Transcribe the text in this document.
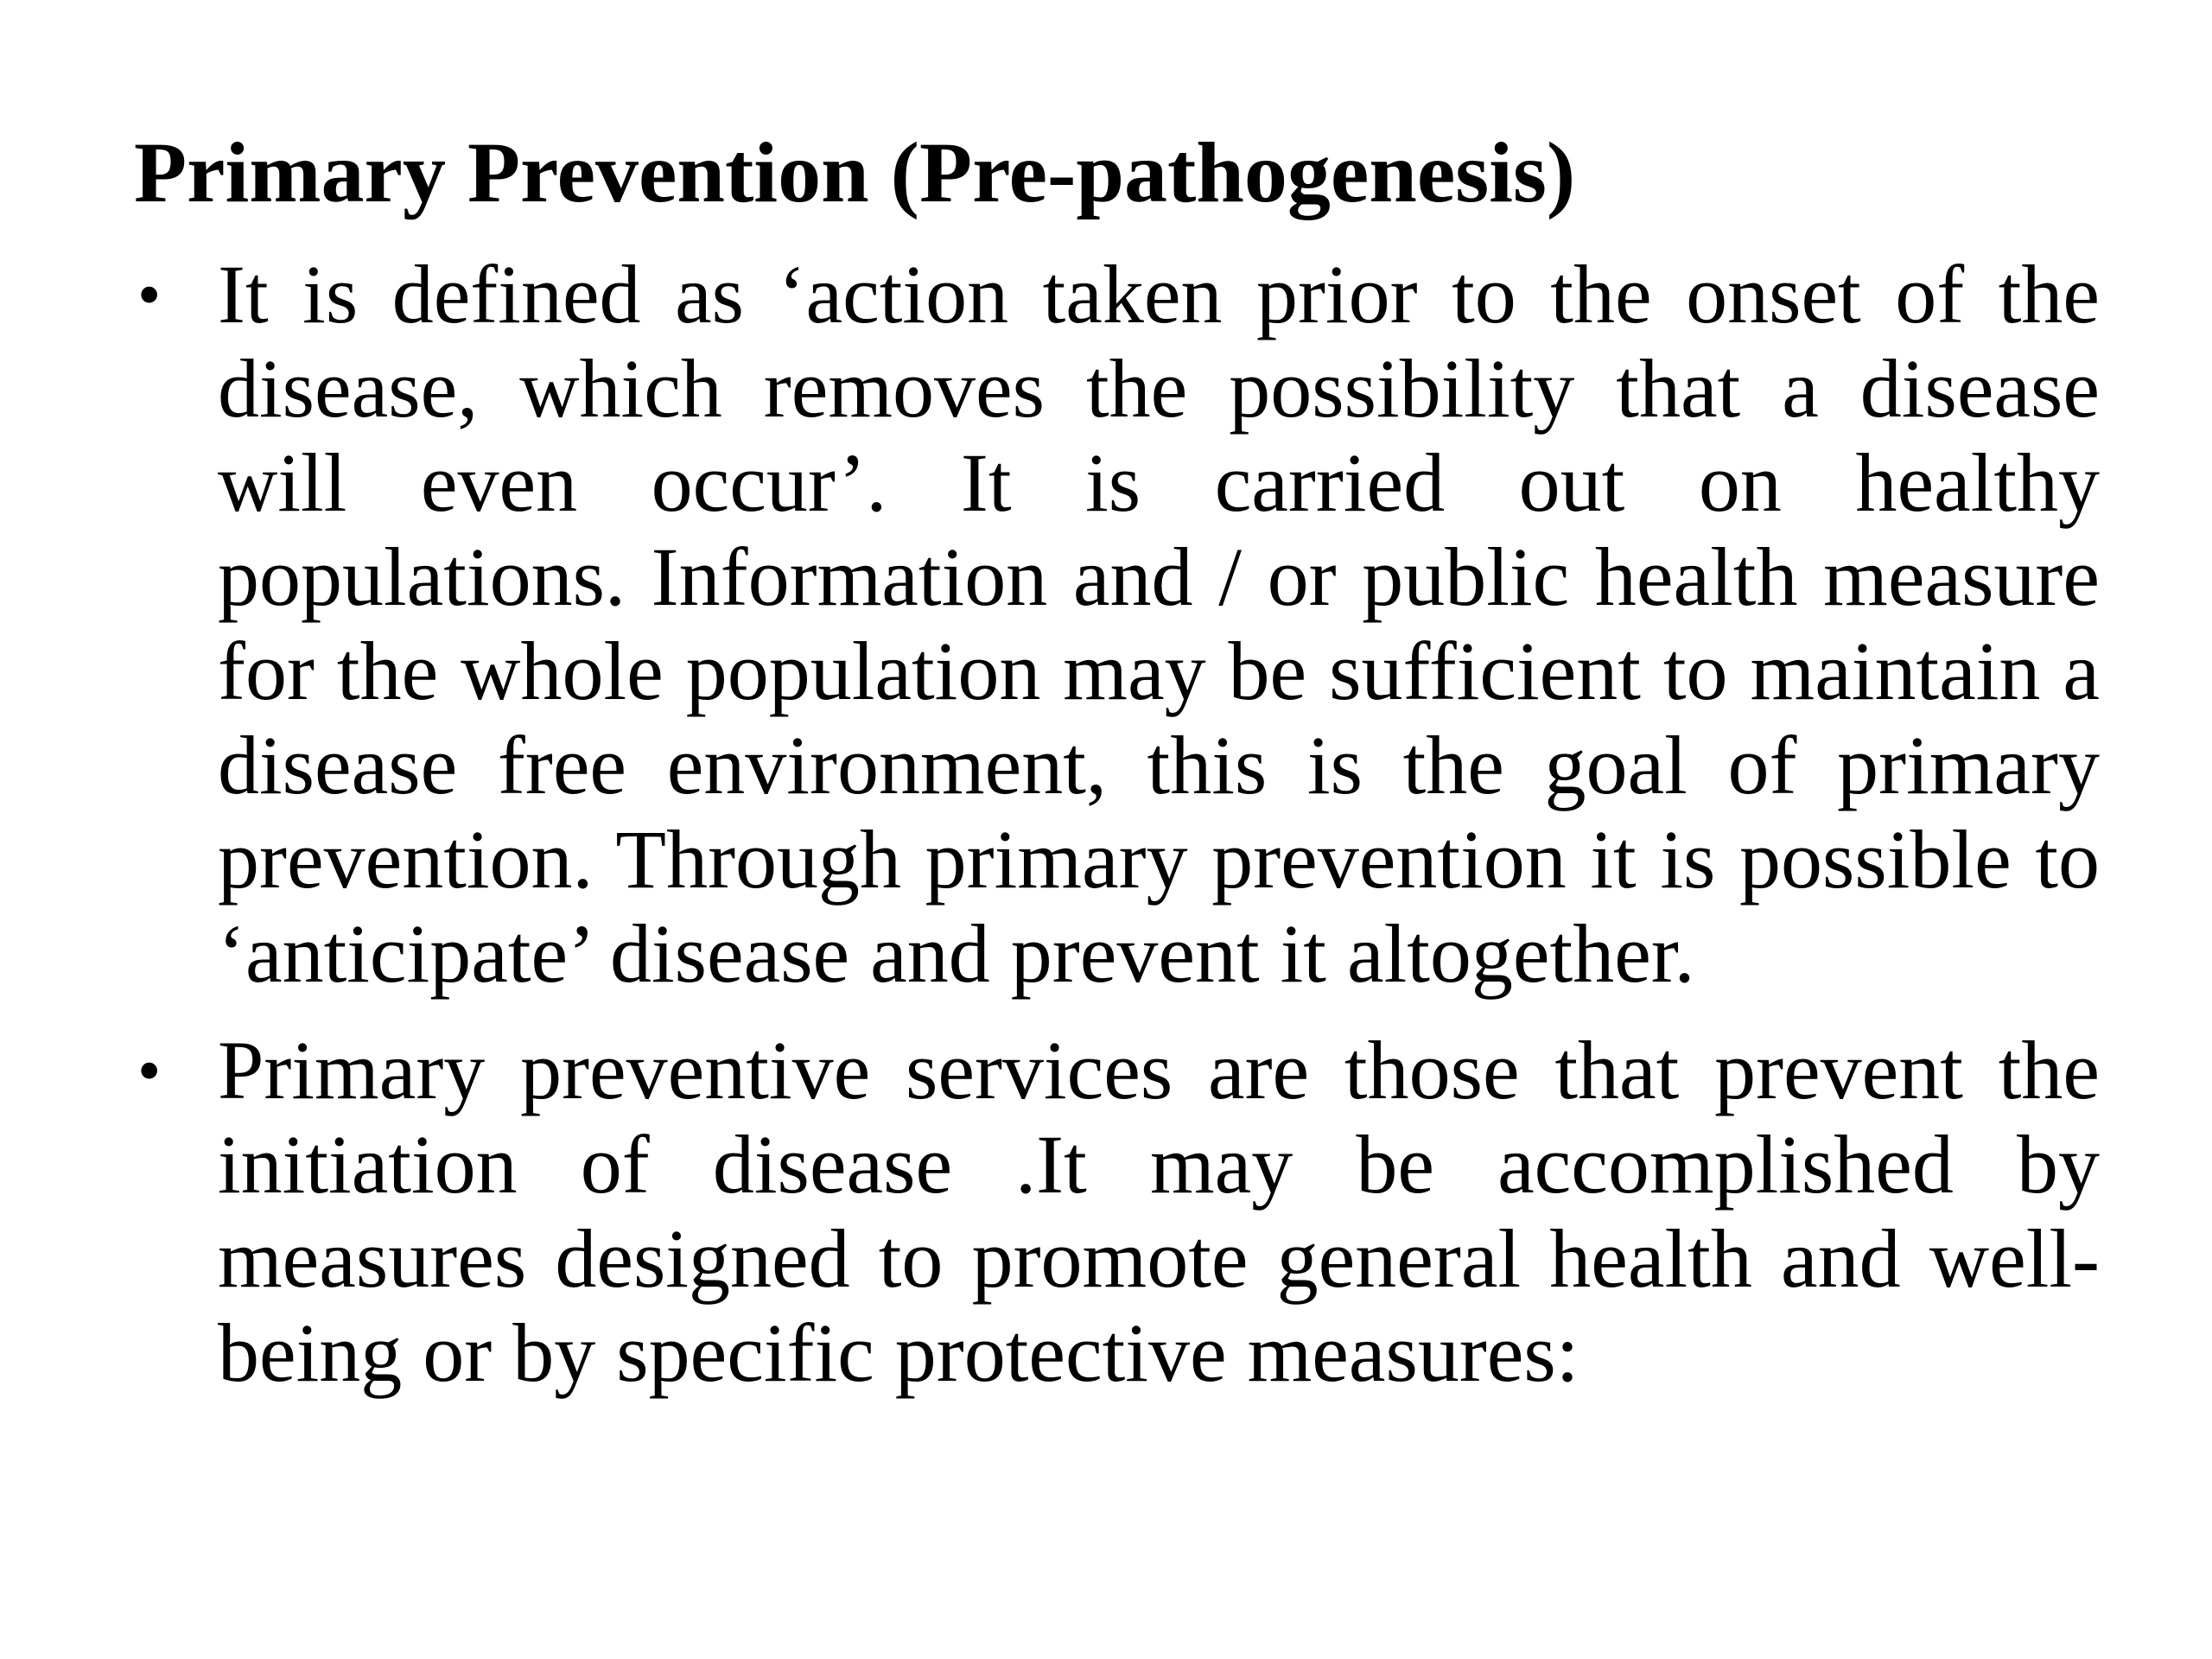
Primary Prevention (Pre-pathogenesis)
• It is defined as ‘action taken prior to the onset of the disease, which removes the possibility that a disease will even occur’. It is carried out on healthy populations. Information and / or public health measure for the whole population may be sufficient to maintain a disease free environment, this is the goal of primary prevention. Through primary prevention it is possible to ‘anticipate’ disease and prevent it altogether.
• Primary preventive services are those that prevent the initiation of disease .It may be accomplished by measures designed to promote general health and well-being or by specific protective measures:
